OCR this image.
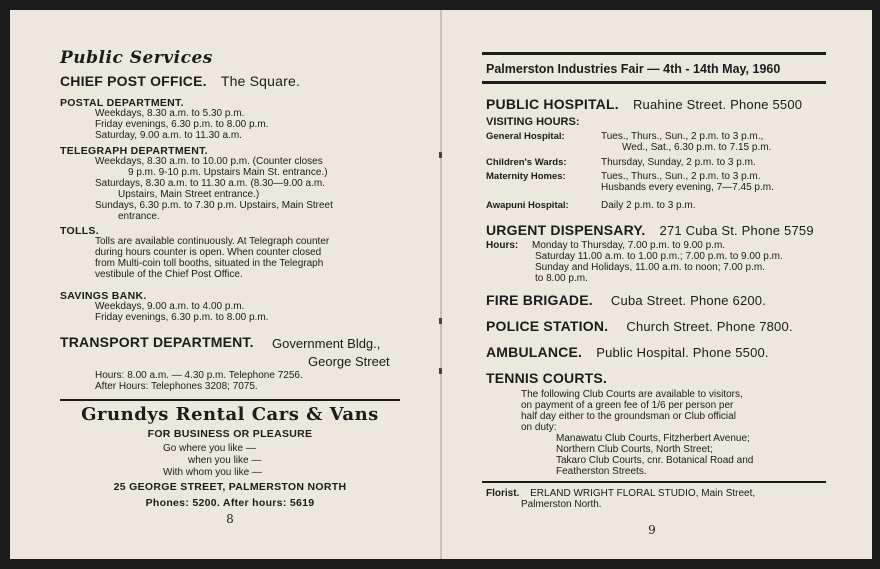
Public Services
CHIEF POST OFFICE. The Square.
POSTAL DEPARTMENT.
Weekdays, 8.30 a.m. to 5.30 p.m.
Friday evenings, 6.30 p.m. to 8.00 p.m.
Saturday, 9.00 a.m. to 11.30 a.m.
TELEGRAPH DEPARTMENT.
Weekdays, 8.30 a.m. to 10.00 p.m. (Counter closes
9 p.m. 9-10 p.m. Upstairs Main St. entrance.)
Saturdays, 8.30 a.m. to 11.30 a.m. (8.30—9.00 a.m.
Upstairs, Main Street entrance.)
Sundays, 6.30 p.m. to 7.30 p.m. Upstairs, Main Street
entrance.
TOLLS.
Tolls are available continuously. At Telegraph counter
during hours counter is open. When counter closed
from Multi-coin toll booths, situated in the Telegraph
vestibule of the Chief Post Office.
SAVINGS BANK.
Weekdays, 9.00 a.m. to 4.00 p.m.
Friday evenings, 6.30 p.m. to 8.00 p.m.
TRANSPORT DEPARTMENT. Government Bldg.,
George Street
Hours: 8.00 a.m. — 4.30 p.m. Telephone 7256.
After Hours: Telephones 3208; 7075.
Grundys Rental Cars & Vans
FOR BUSINESS OR PLEASURE
Go where you like —
when you like —
With whom you like —
25 GEORGE STREET, PALMERSTON NORTH
Phones: 5200. After hours: 5619
8
Palmerston Industries Fair — 4th - 14th May, 1960
PUBLIC HOSPITAL. Ruahine Street. Phone 5500
VISITING HOURS:
General Hospital:	Tues., Thurs., Sun., 2 p.m. to 3 p.m.,
Wed., Sat., 6.30 p.m. to 7.15 p.m.
Children's Wards:	Thursday, Sunday, 2 p.m. to 3 p.m.
Maternity Homes:	Tues., Thurs., Sun., 2 p.m. to 3 p.m.
Husbands every evening, 7—7.45 p.m.
Awapuni Hospital:	Daily 2 p.m. to 3 p.m.
URGENT DISPENSARY. 271 Cuba St. Phone 5759
Hours: Monday to Thursday, 7.00 p.m. to 9.00 p.m.
Saturday 11.00 a.m. to 1.00 p.m.; 7.00 p.m. to 9.00 p.m.
Sunday and Holidays, 11.00 a.m. to noon; 7.00 p.m.
to 8.00 p.m.
FIRE BRIGADE. Cuba Street. Phone 6200.
POLICE STATION. Church Street. Phone 7800.
AMBULANCE. Public Hospital. Phone 5500.
TENNIS COURTS.
The following Club Courts are available to visitors,
on payment of a green fee of 1/6 per person per
half day either to the groundsman or Club official
on duty:
Manawatu Club Courts, Fitzherbert Avenue;
Northern Club Courts, North Street;
Takaro Club Courts, cnr. Botanical Road and
Featherston Streets.
Florist. ERLAND WRIGHT FLORAL STUDIO, Main Street,
Palmerston North.
9
